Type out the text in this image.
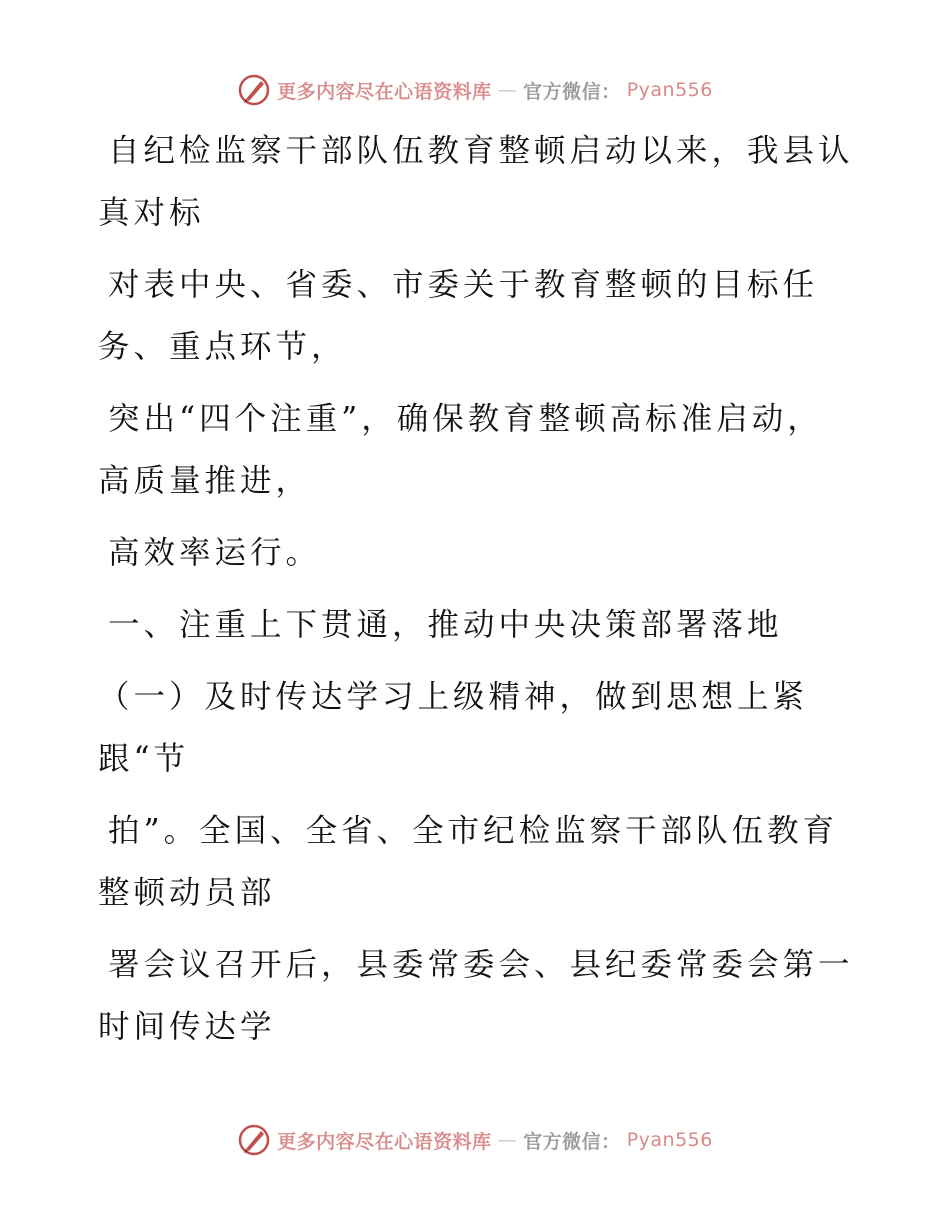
更多内容尽在心语资料库 — 官方微信： Pyan556

自纪检监察干部队伍教育整顿启动以来，我县认
真对标

对表中央、省委、市委关于教育整顿的目标任
务、重点环节，

突出“四个注重”，确保教育整顿高标准启动，
高质量推进，

高效率运行。

一、注重上下贯通，推动中央决策部署落地

（一）及时传达学习上级精神，做到思想上紧
跟“节

拍”。全国、全省、全市纪检监察干部队伍教育
整顿动员部

署会议召开后，县委常委会、县纪委常委会第一
时间传达学

更多内容尽在心语资料库 — 官方微信： Pyan556
